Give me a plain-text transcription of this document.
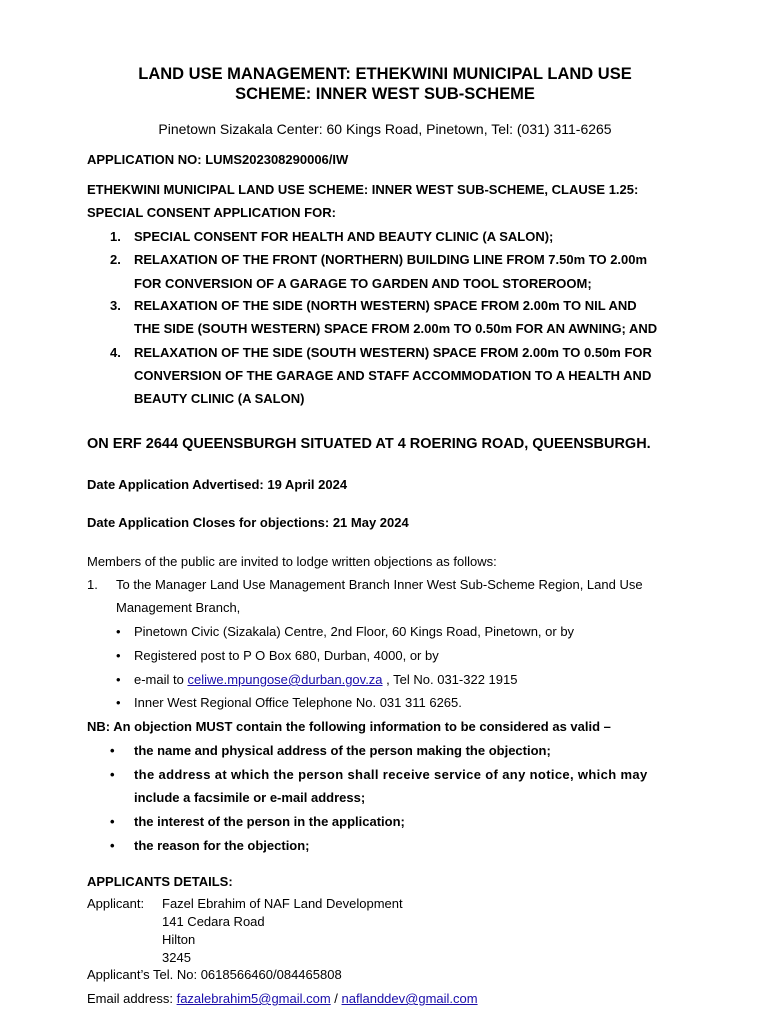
LAND USE MANAGEMENT: ETHEKWINI MUNICIPAL LAND USE
SCHEME: INNER WEST SUB-SCHEME
Pinetown Sizakala Center: 60 Kings Road, Pinetown, Tel: (031) 311-6265
APPLICATION NO: LUMS202308290006/IW
ETHEKWINI MUNICIPAL LAND USE SCHEME: INNER WEST SUB-SCHEME, CLAUSE 1.25:
SPECIAL CONSENT APPLICATION FOR:
1. SPECIAL CONSENT FOR HEALTH AND BEAUTY CLINIC (A SALON);
2. RELAXATION OF THE FRONT (NORTHERN) BUILDING LINE FROM 7.50m TO 2.00m
FOR CONVERSION OF A GARAGE TO GARDEN AND TOOL STOREROOM;
3. RELAXATION OF THE SIDE (NORTH WESTERN) SPACE FROM 2.00m TO NIL AND
THE SIDE (SOUTH WESTERN) SPACE FROM 2.00m TO 0.50m FOR AN AWNING; AND
4. RELAXATION OF THE SIDE (SOUTH WESTERN) SPACE FROM 2.00m TO 0.50m FOR
CONVERSION OF THE GARAGE AND STAFF ACCOMMODATION TO A HEALTH AND
BEAUTY CLINIC (A SALON)
ON ERF 2644 QUEENSBURGH SITUATED AT 4 ROERING ROAD, QUEENSBURGH.
Date Application Advertised: 19 April 2024
Date Application Closes for objections: 21 May 2024
Members of the public are invited to lodge written objections as follows:
1. To the Manager Land Use Management Branch Inner West Sub-Scheme Region, Land Use
Management Branch,
• Pinetown Civic (Sizakala) Centre, 2nd Floor, 60 Kings Road, Pinetown, or by
• Registered post to P O Box 680, Durban, 4000, or by
• e-mail to celiwe.mpungose@durban.gov.za , Tel No. 031-322 1915
• Inner West Regional Office Telephone No. 031 311 6265.
NB: An objection MUST contain the following information to be considered as valid –
• the name and physical address of the person making the objection;
• the address at which the person shall receive service of any notice, which may
include a facsimile or e-mail address;
• the interest of the person in the application;
• the reason for the objection;
APPLICANTS DETAILS:
Applicant: Fazel Ebrahim of NAF Land Development
141 Cedara Road
Hilton
3245
Applicant’s Tel. No: 0618566460/084465808
Email address: fazalebrahim5@gmail.com / naflanddev@gmail.com
